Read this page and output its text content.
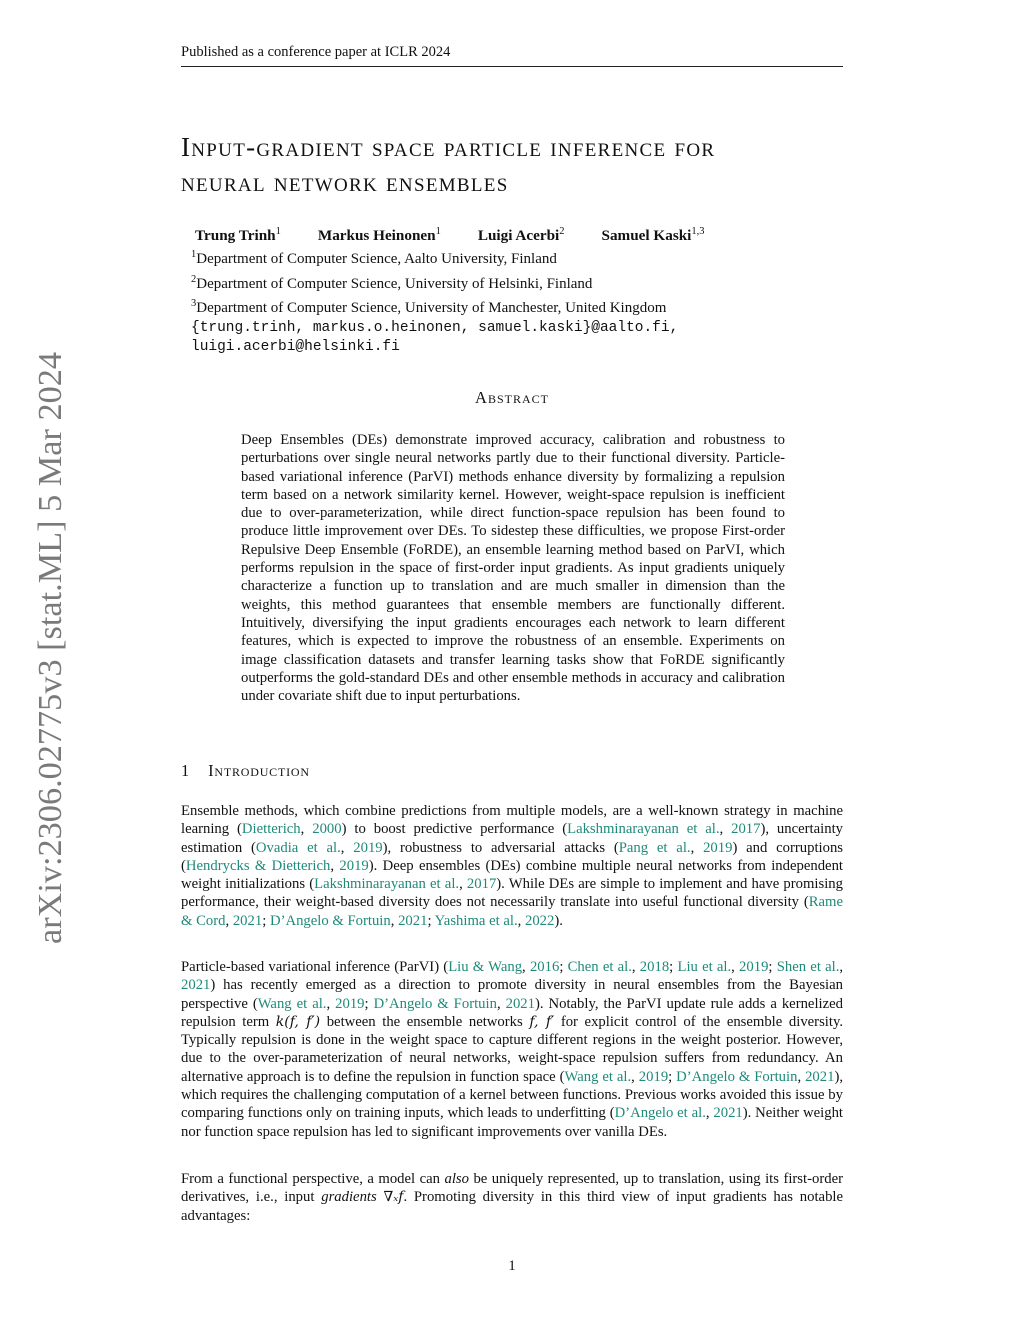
Published as a conference paper at ICLR 2024
arXiv:2306.02775v3 [stat.ML] 5 Mar 2024
Input-gradient space particle inference for
neural network ensembles
Trung Trinh$^1$ Markus Heinonen$^1$ Luigi Acerbi$^2$ Samuel Kaski$^{1,3}$
$^1$Department of Computer Science, Aalto University, Finland
$^2$Department of Computer Science, University of Helsinki, Finland
$^3$Department of Computer Science, University of Manchester, United Kingdom
{trung.trinh, markus.o.heinonen, samuel.kaski}@aalto.fi,
luigi.acerbi@helsinki.fi
Abstract
Deep Ensembles (DEs) demonstrate improved accuracy, calibration and robustness to perturbations over single neural networks partly due to their functional diversity. Particle-based variational inference (ParVI) methods enhance diversity by formalizing a repulsion term based on a network similarity kernel. However, weight-space repulsion is inefficient due to over-parameterization, while direct function-space repulsion has been found to produce little improvement over DEs. To sidestep these difficulties, we propose First-order Repulsive Deep Ensemble (FoRDE), an ensemble learning method based on ParVI, which performs repulsion in the space of first-order input gradients. As input gradients uniquely characterize a function up to translation and are much smaller in dimension than the weights, this method guarantees that ensemble members are functionally different. Intuitively, diversifying the input gradients encourages each network to learn different features, which is expected to improve the robustness of an ensemble. Experiments on image classification datasets and transfer learning tasks show that FoRDE significantly outperforms the gold-standard DEs and other ensemble methods in accuracy and calibration under covariate shift due to input perturbations.
1 Introduction
Ensemble methods, which combine predictions from multiple models, are a well-known strategy in machine learning (Dietterich, 2000) to boost predictive performance (Lakshminarayanan et al., 2017), uncertainty estimation (Ovadia et al., 2019), robustness to adversarial attacks (Pang et al., 2019) and corruptions (Hendrycks & Dietterich, 2019). Deep ensembles (DEs) combine multiple neural networks from independent weight initializations (Lakshminarayanan et al., 2017). While DEs are simple to implement and have promising performance, their weight-based diversity does not necessarily translate into useful functional diversity (Rame & Cord, 2021; D’Angelo & Fortuin, 2021; Yashima et al., 2022).
Particle-based variational inference (ParVI) (Liu & Wang, 2016; Chen et al., 2018; Liu et al., 2019; Shen et al., 2021) has recently emerged as a direction to promote diversity in neural ensembles from the Bayesian perspective (Wang et al., 2019; D’Angelo & Fortuin, 2021). Notably, the ParVI update rule adds a kernelized repulsion term k(f, f′) between the ensemble networks f, f′ for explicit control of the ensemble diversity. Typically repulsion is done in the weight space to capture different regions in the weight posterior. However, due to the over-parameterization of neural networks, weight-space repulsion suffers from redundancy. An alternative approach is to define the repulsion in function space (Wang et al., 2019; D’Angelo & Fortuin, 2021), which requires the challenging computation of a kernel between functions. Previous works avoided this issue by comparing functions only on training inputs, which leads to underfitting (D’Angelo et al., 2021). Neither weight nor function space repulsion has led to significant improvements over vanilla DEs.
From a functional perspective, a model can also be uniquely represented, up to translation, using its first-order derivatives, i.e., input gradients ∇ₓf. Promoting diversity in this third view of input gradients has notable advantages:
1
